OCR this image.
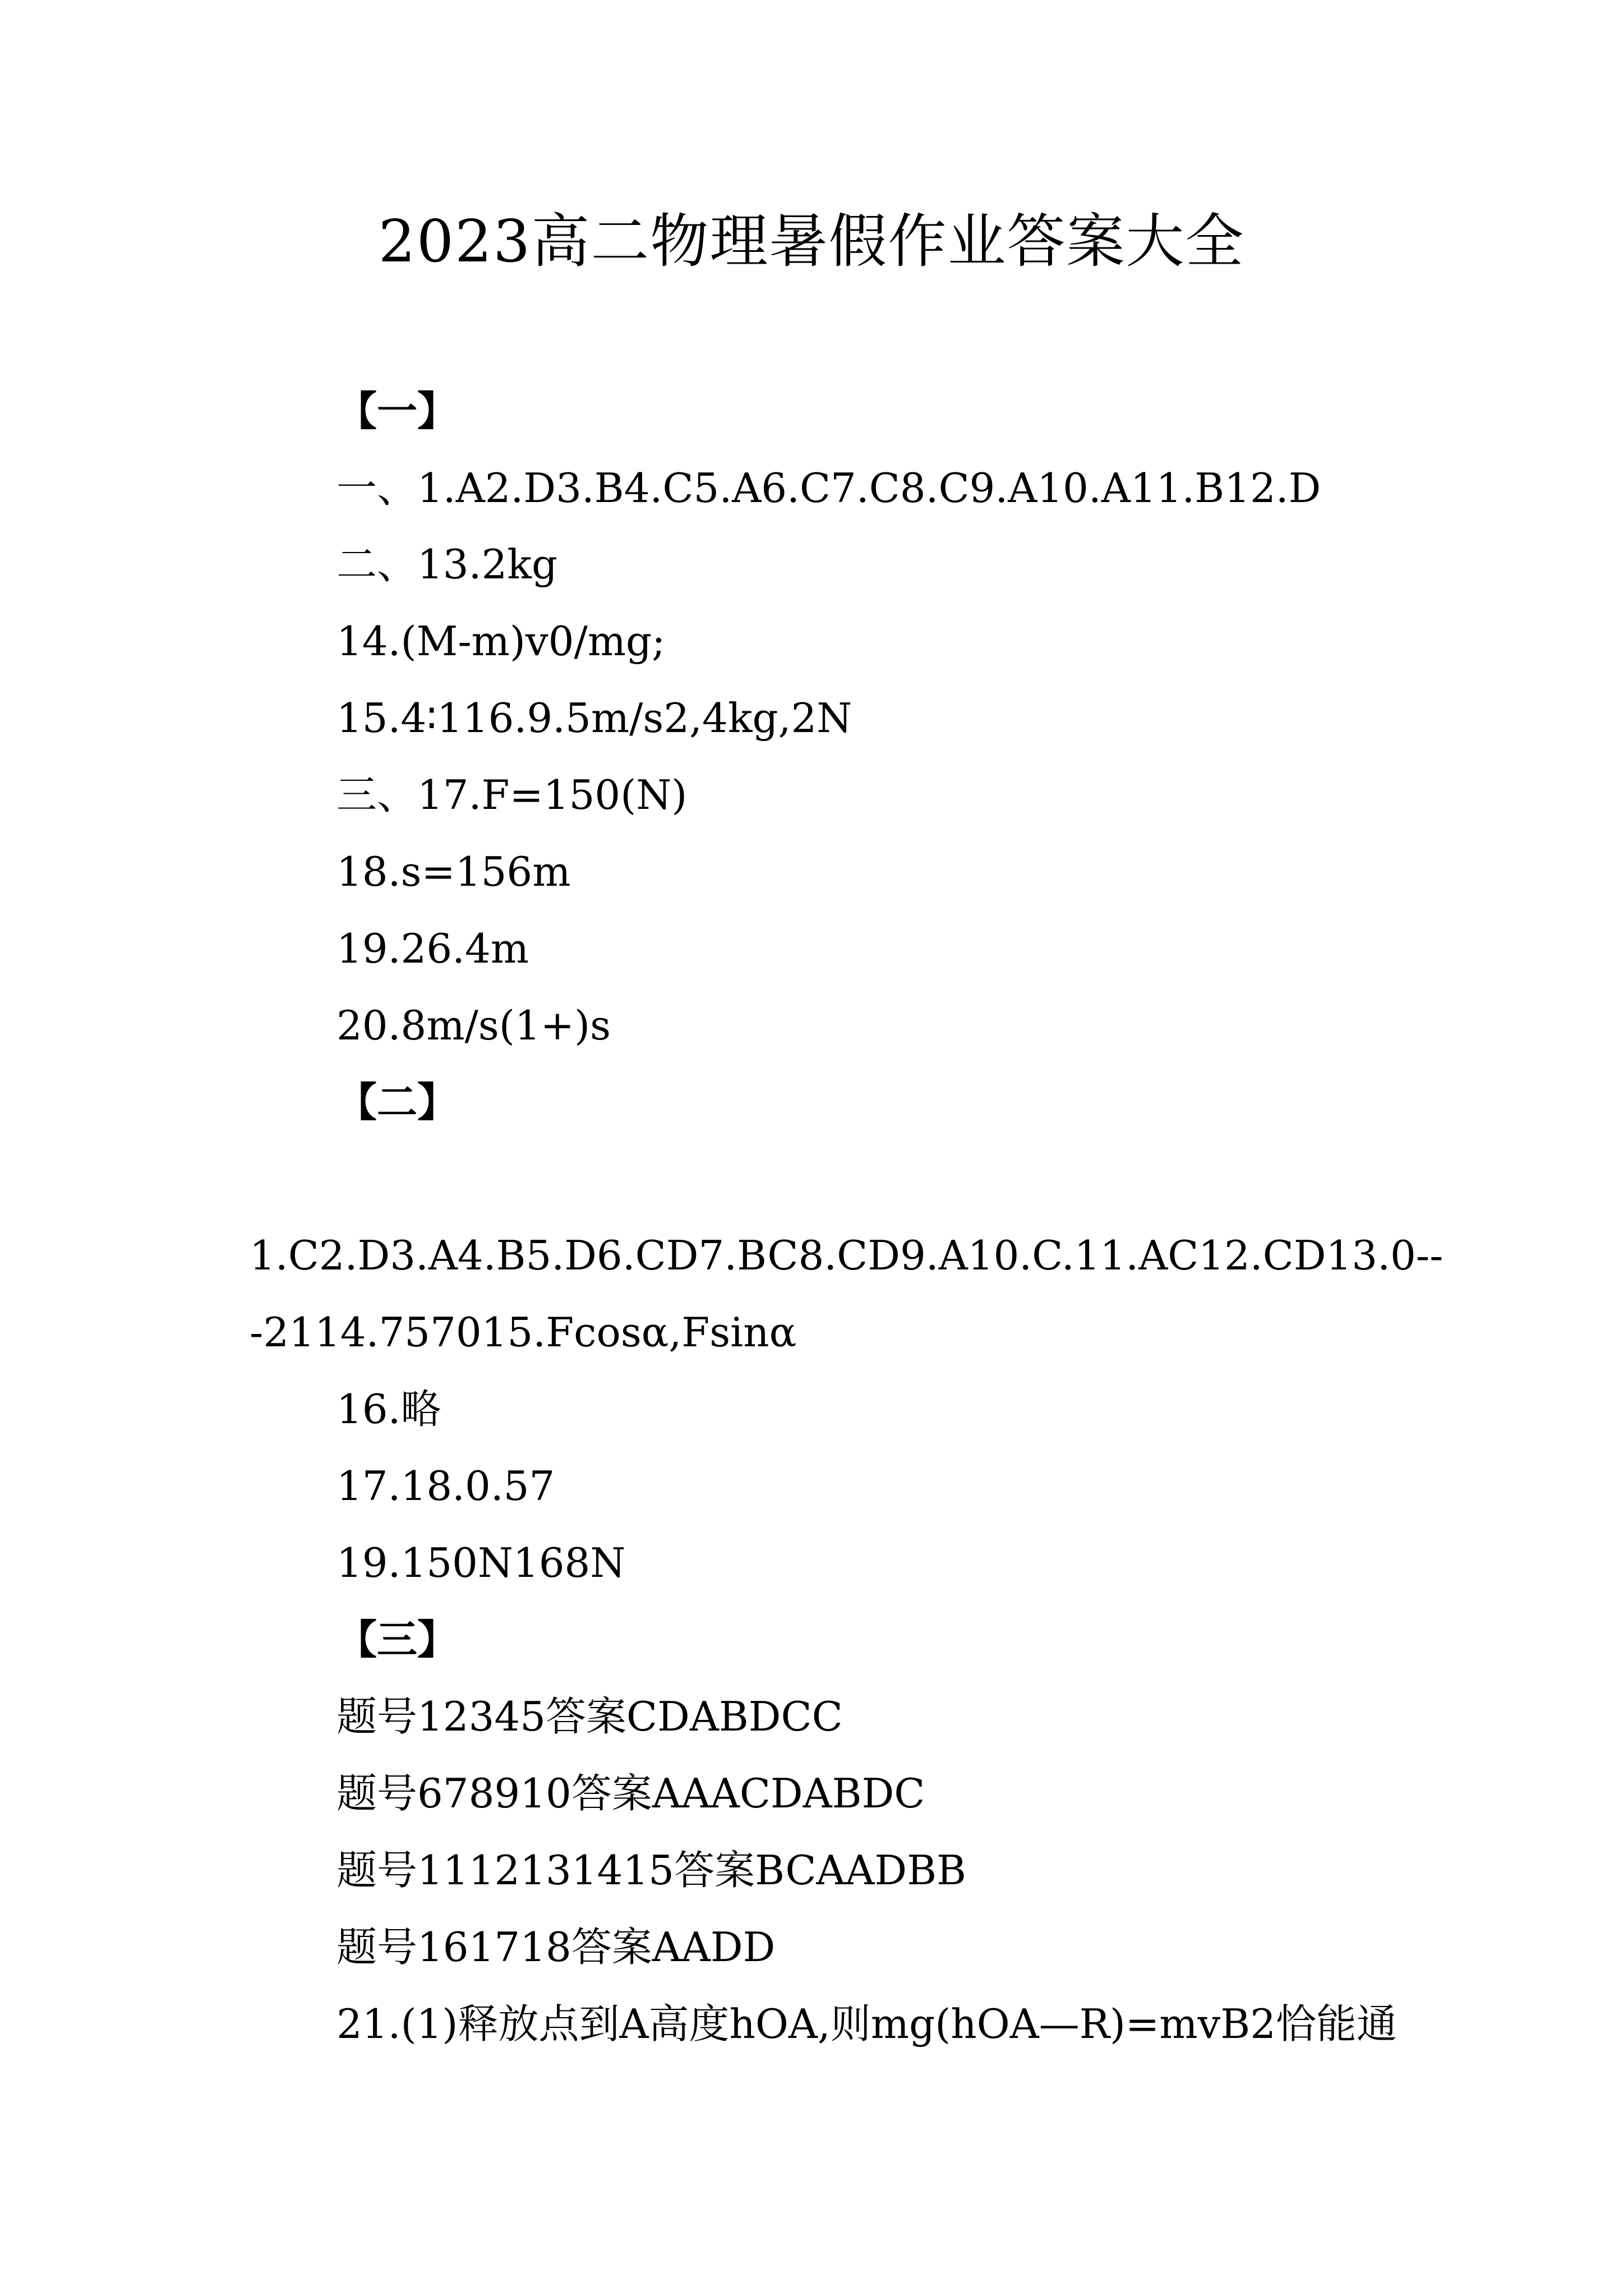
2023高二物理暑假作业答案大全
【一】
一、1.A2.D3.B4.C5.A6.C7.C8.C9.A10.A11.B12.D
二、13.2kg
14.(M-m)v0/mg;
15.4∶116.9.5m/s2,4kg,2N
三、17.F=150(N)
18.s=156m
19.26.4m
20.8m/s(1+)s
【二】
1.C2.D3.A4.B5.D6.CD7.BC8.CD9.A10.C.11.AC12.CD13.0--
-2114.757015.Fcosα,Fsinα
16.略
17.18.0.57
19.150N168N
【三】
题号12345答案CDABDCC
题号678910答案AAACDABDC
题号1112131415答案BCAADBB
题号161718答案AADD
21.(1)释放点到A高度hOA,则mg(hOA—R)=mvB2恰能通
